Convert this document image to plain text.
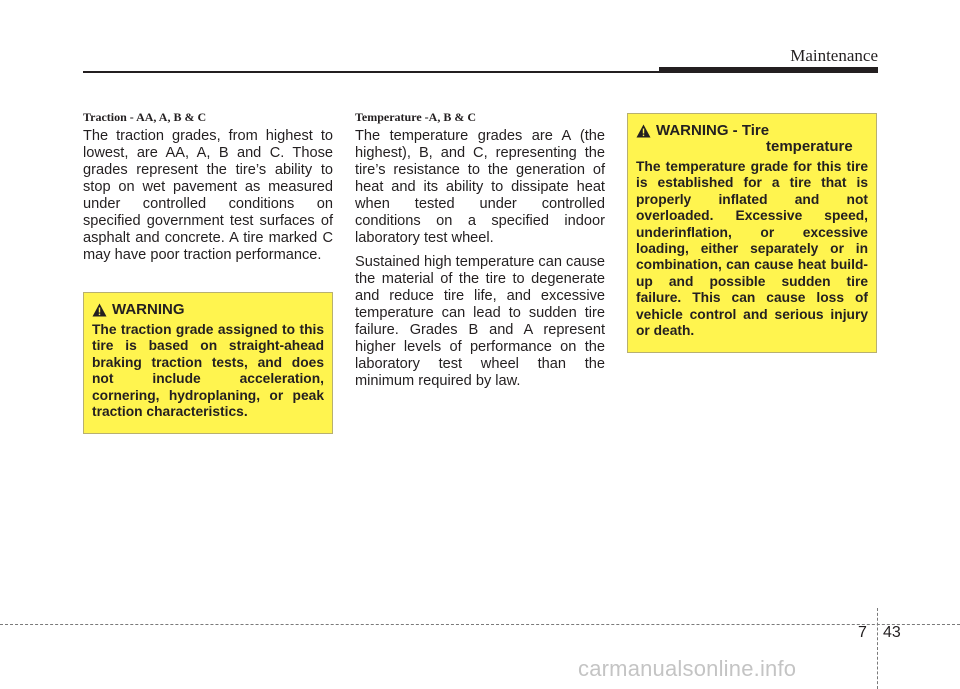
Maintenance
Traction - AA, A, B & C

The traction grades, from highest to lowest, are AA, A, B and C. Those grades represent the tire’s ability to stop on wet pavement as measured under controlled conditions on specified government test surfaces of asphalt and concrete. A tire marked C may have poor traction performance.

WARNING
The traction grade assigned to this tire is based on straight-ahead braking traction tests, and does not include acceleration, cornering, hydroplaning, or peak traction characteristics.
Temperature -A, B & C

The temperature grades are A (the highest), B, and C, representing the tire’s resistance to the generation of heat and its ability to dissipate heat when tested under controlled conditions on a specified indoor laboratory test wheel.

Sustained high temperature can cause the material of the tire to degenerate and reduce tire life, and excessive temperature can lead to sudden tire failure. Grades B and A represent higher levels of performance on the laboratory test wheel than the minimum required by law.

WARNING - Tire
temperature
The temperature grade for this tire is established for a tire that is properly inflated and not overloaded. Excessive speed, underinflation, or excessive loading, either separately or in combination, can cause heat build-up and possible sudden tire failure. This can cause loss of vehicle control and serious injury or death.
7 43
carmanualsonline.info
